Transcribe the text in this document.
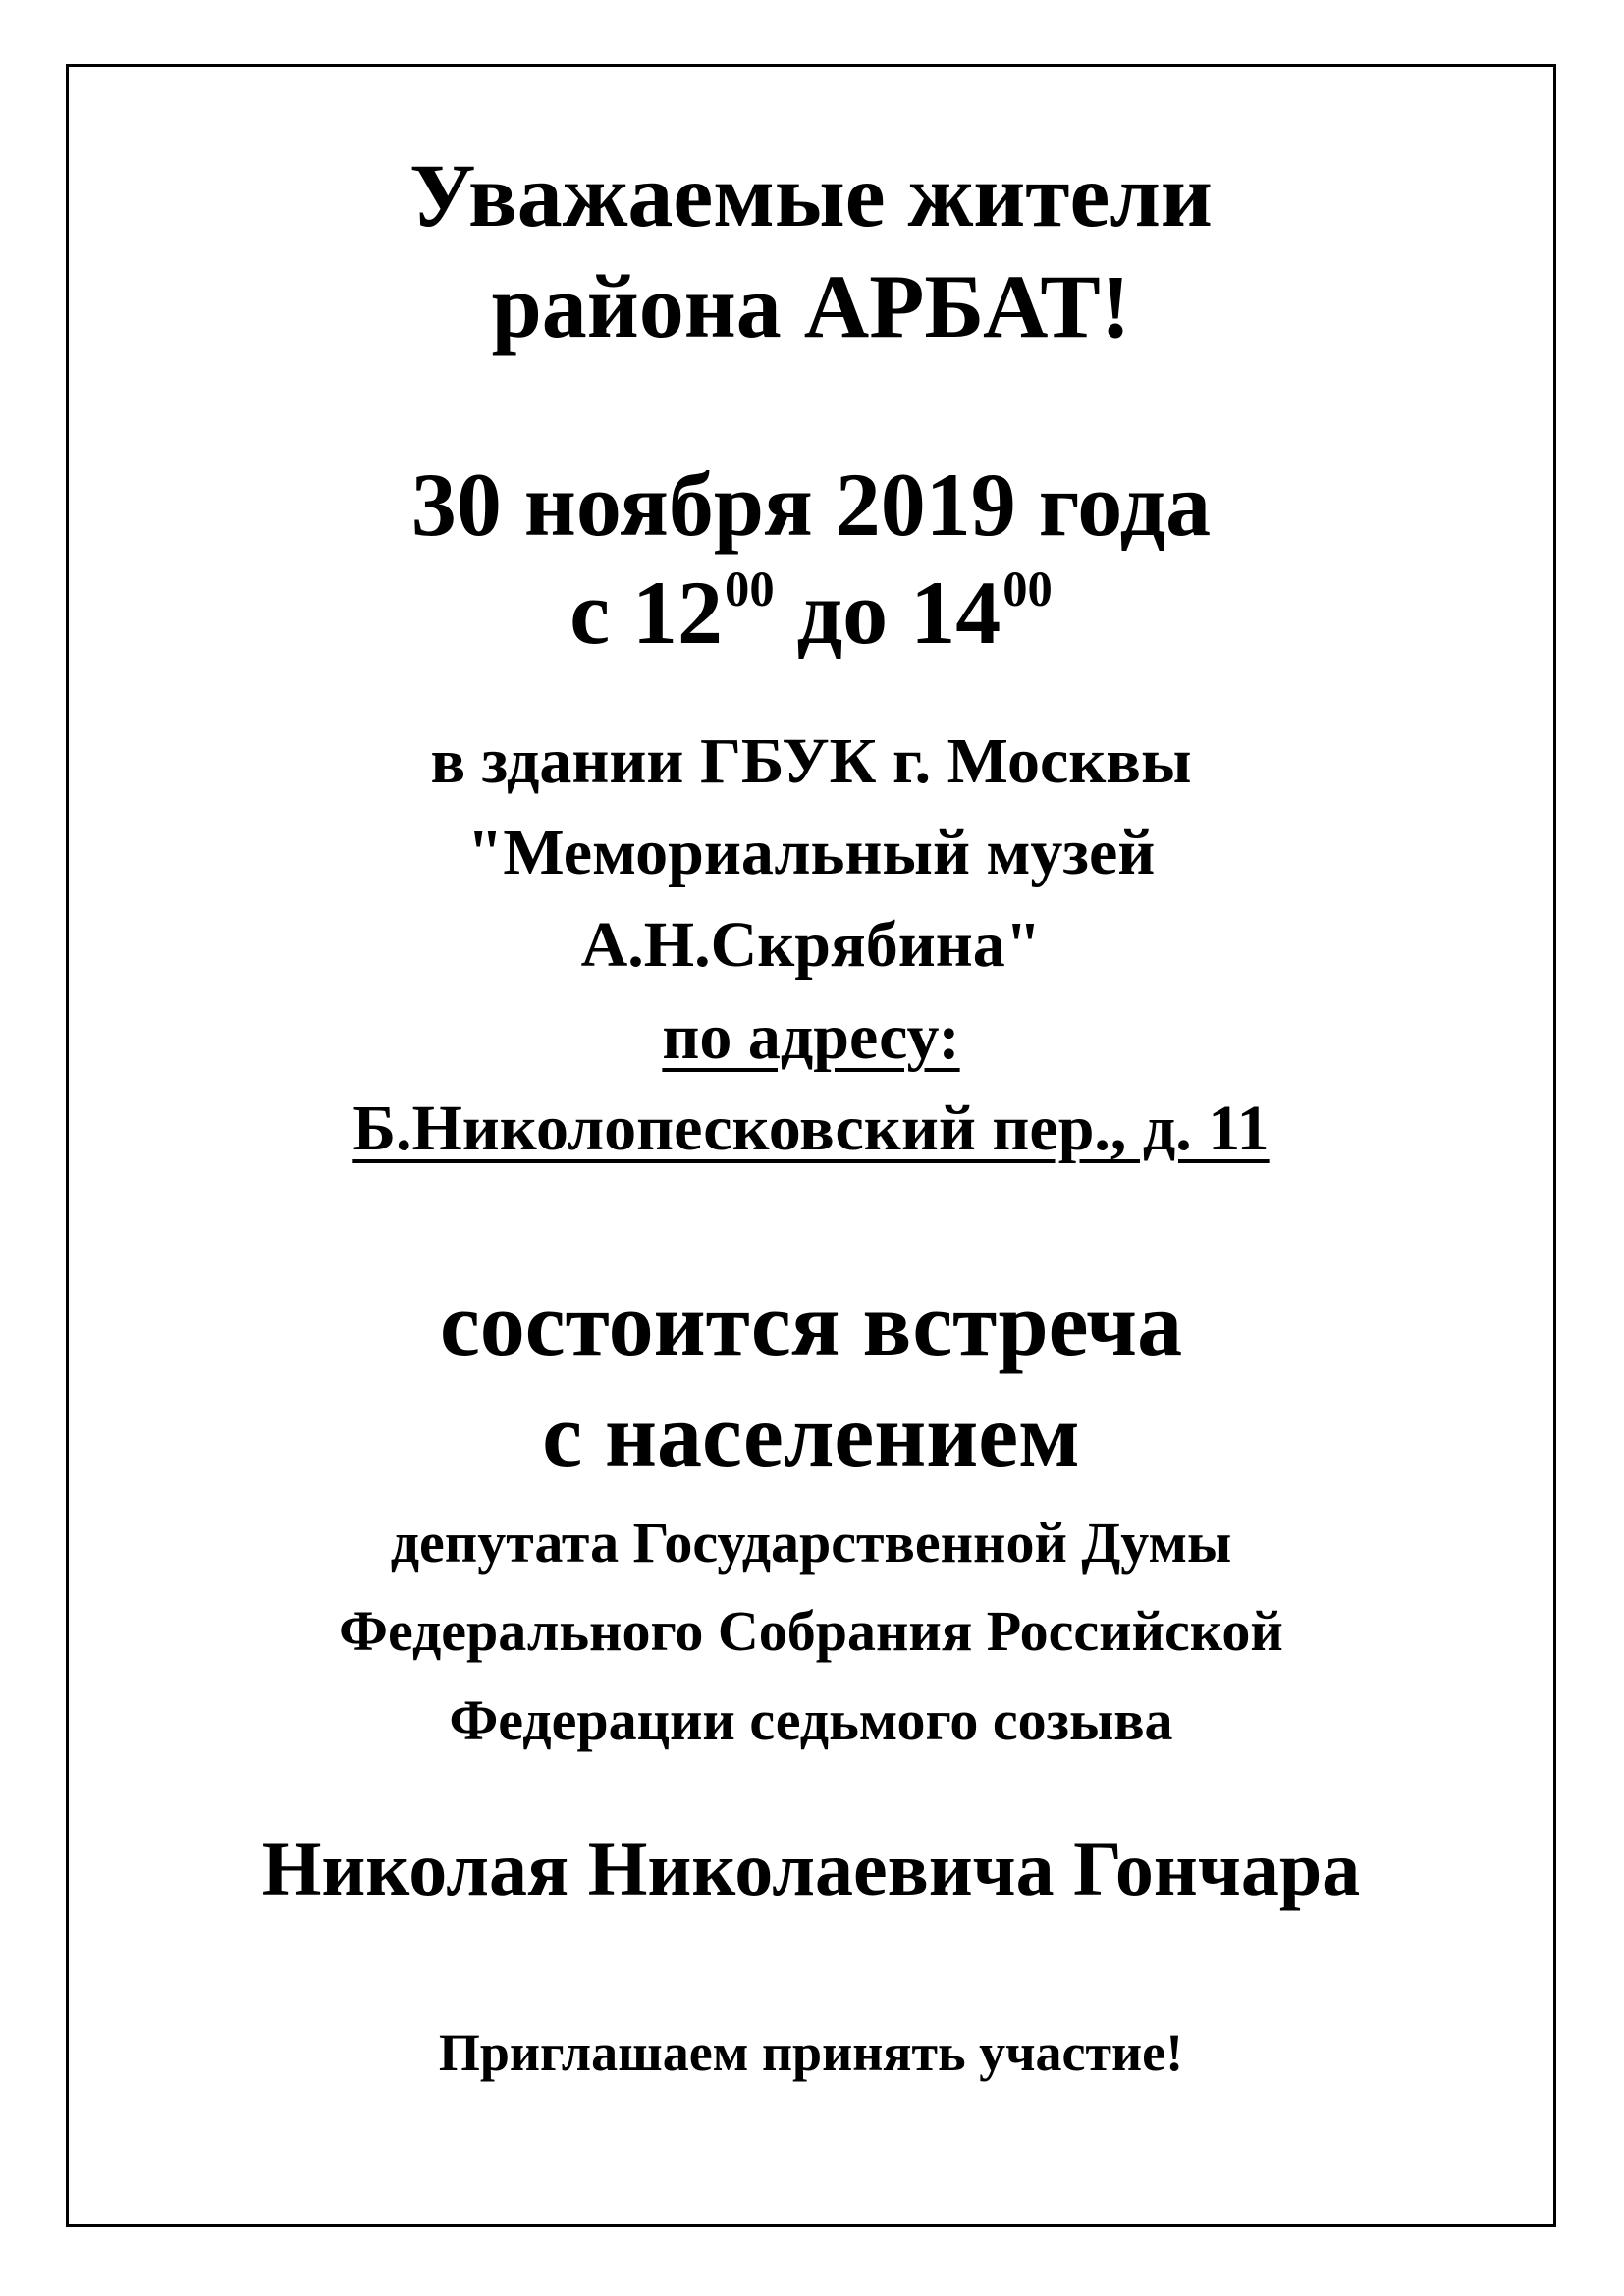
Уважаемые жители

района АРБАТ!

30 ноября 2019 года

с $12^{00}$ до $14^{00}$

в здании ГБУК г. Москвы

"Мемориальный музей

А.Н.Скрябина"

по адресу:

Б.Николопесковский пер., д. 11

состоится встреча

с населением

депутата Государственной Думы

Федерального Собрания Российской

Федерации седьмого созыва

Николая Николаевича Гончара

Приглашаем принять участие!
